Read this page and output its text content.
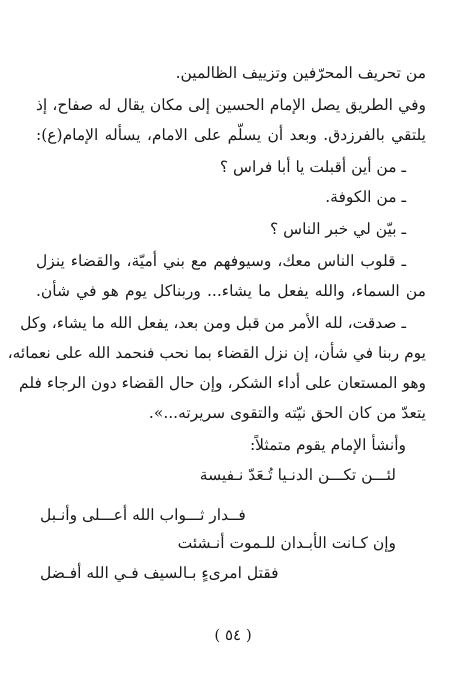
من تحريف المحرّفين وتزييف الظالمين.
وفي الطريق يصل الإمام الحسين إلى مكان يقال له صفاح، إذ
يلتقي بالفرزدق. وبعد أن يسلّم على الامام، يسأله الإمام(ع):
ـ من أين أقبلت يا أبا فراس ؟
ـ من الكوفة.
ـ بيّن لي خبر الناس ؟
ـ قلوب الناس معك، وسيوفهم مع بني أميّة، والقضاء ينزل
من السماء، والله يفعل ما يشاء... وربناكل يوم هو في شأن.
ـ صدقت، لله الأمر من قبل ومن بعد، يفعل الله ما يشاء، وكل
يوم ربنا في شأن، إن نزل القضاء بما نحب فنحمد الله على نعمائه،
وهو المستعان على أداء الشكر، وإن حال القضاء دون الرجاء فلم
يتعدّ من كان الحق نيّته والتقوى سريرته...».
وأنشأ الإمام يقوم متمثلاً:
لئـــن تكـــن الدنـيا تُـعَدّ نـفيسة
فــدار ثـــواب الله أعـــلى وأنـبل
وإن كـانت الأبـدان للـموت أنـشئت
فقتل امرىءٍ بـالسيف فـي الله أفـضل
( ٥٤ )
